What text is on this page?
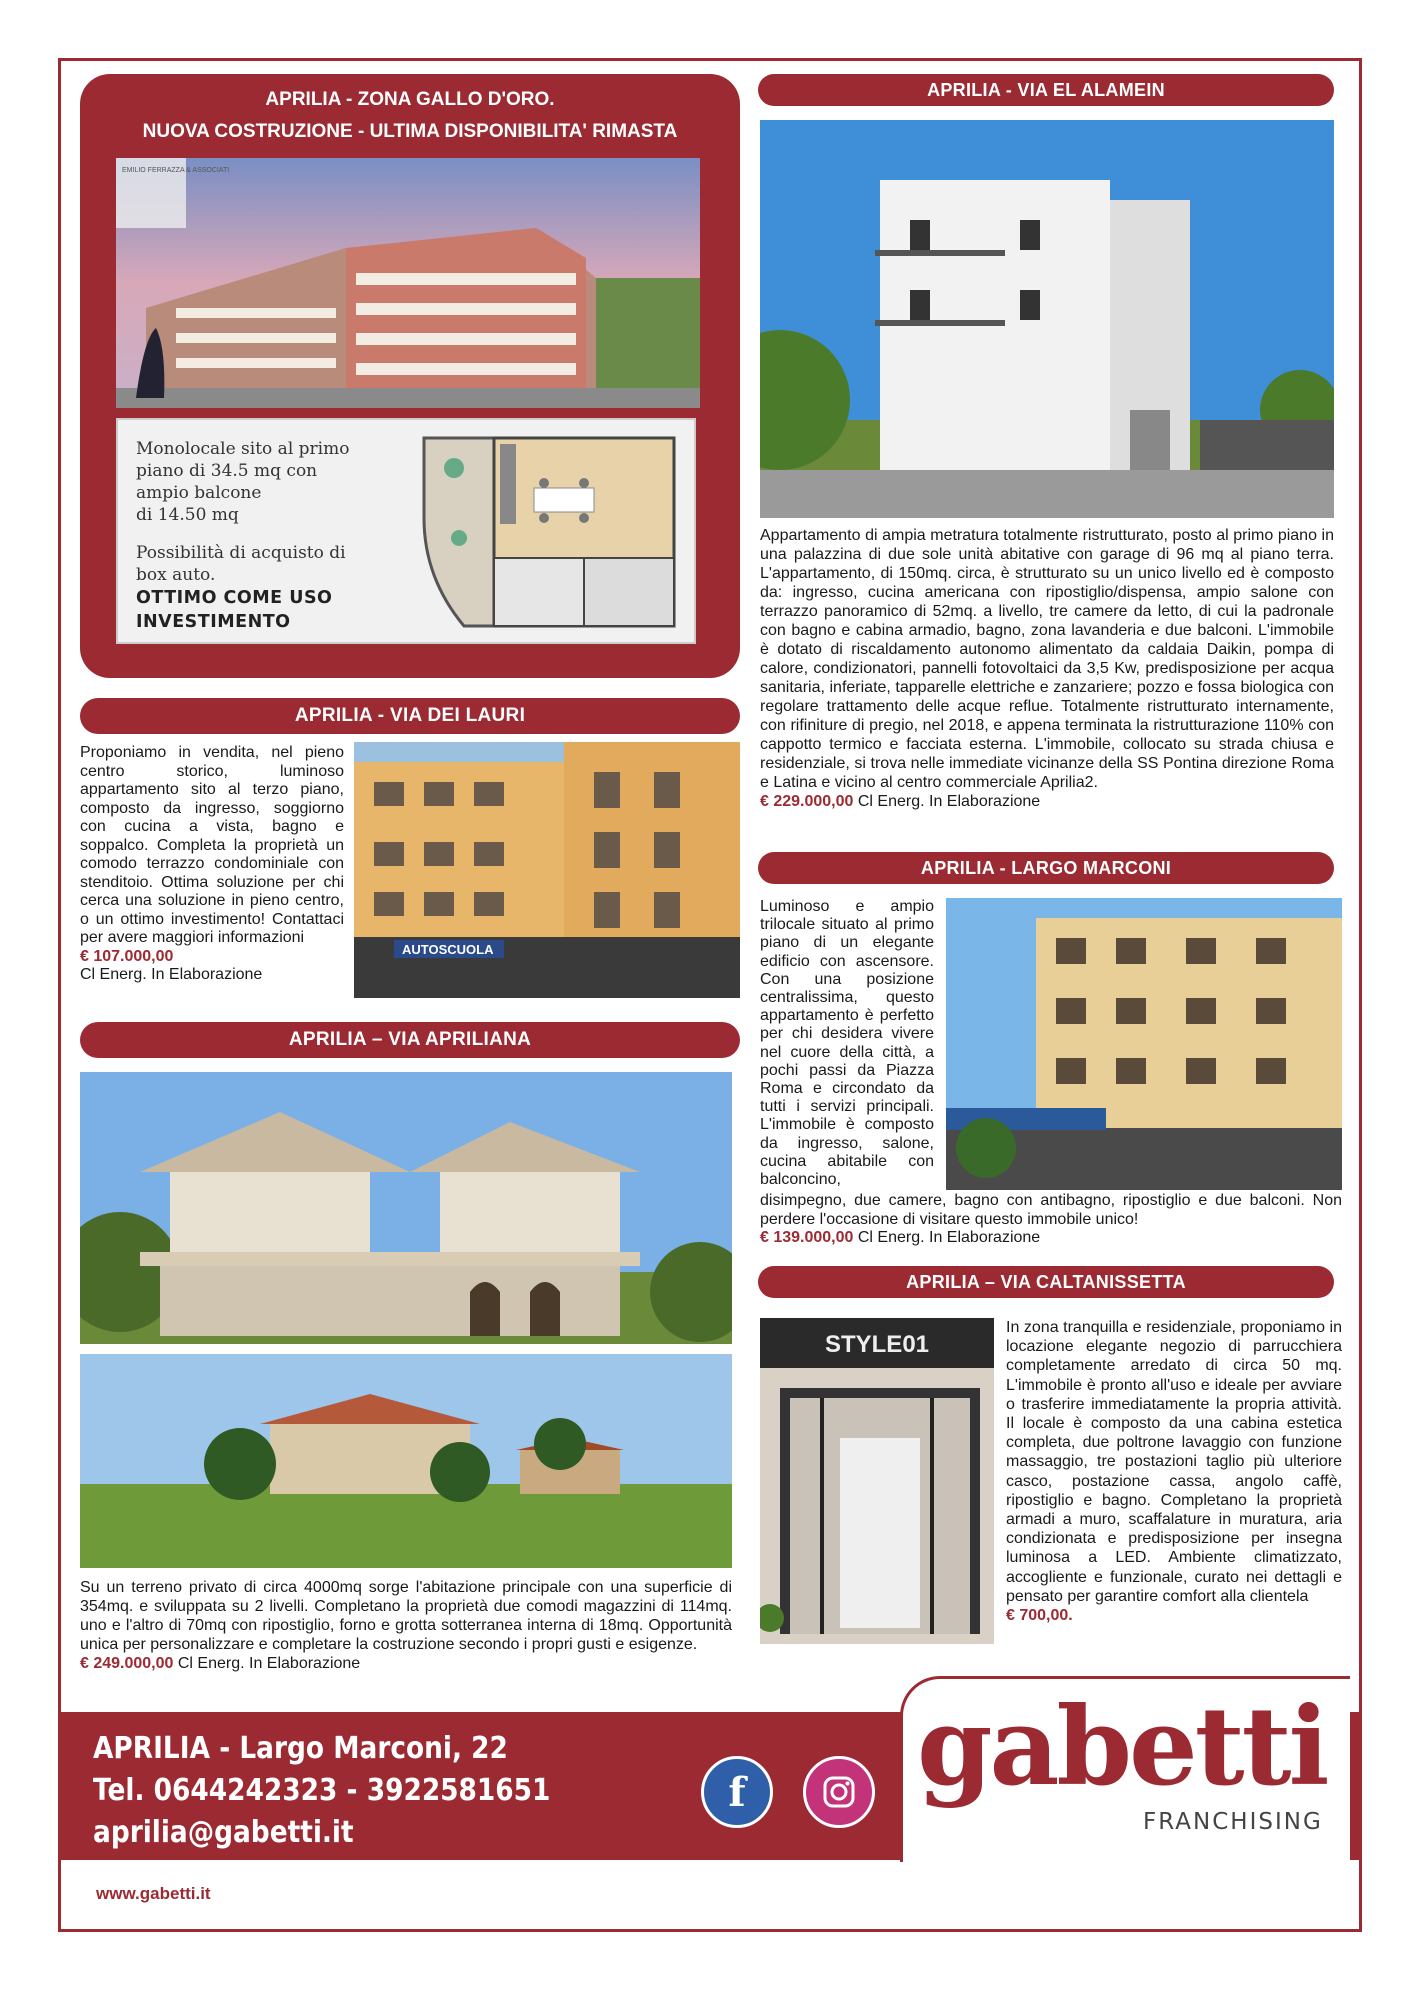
APRILIA - ZONA GALLO D'ORO.
NUOVA COSTRUZIONE - ULTIMA DISPONIBILITA' RIMASTA
EMILIO FERRAZZA & ASSOCIATI
Monolocale sito al primo
piano di 34.5 mq con
ampio balcone
di 14.50 mq
Possibilità di acquisto di
box auto.
OTTIMO COME USO
INVESTIMENTO
APRILIA - VIA DEI LAURI
Proponiamo in vendita, nel pieno centro storico, luminoso appartamento sito al terzo piano, composto da ingresso, soggiorno con cucina a vista, bagno e soppalco. Completa la proprietà un comodo terrazzo condominiale con stenditoio. Ottima soluzione per chi cerca una soluzione in pieno centro, o un ottimo investimento! Contattaci per avere maggiori informazioni
€ 107.000,00
Cl Energ. In Elaborazione
AUTOSCUOLA
APRILIA – VIA APRILIANA
Su un terreno privato di circa 4000mq sorge l'abitazione principale con una superficie di 354mq. e sviluppata su 2 livelli. Completano la proprietà due comodi magazzini di 114mq. uno e l'altro di 70mq con ripostiglio, forno e grotta sotterranea interna di 18mq. Opportunità unica per personalizzare e completare la costruzione secondo i propri gusti e esigenze.
€ 249.000,00 Cl Energ. In Elaborazione
APRILIA - VIA EL ALAMEIN
Appartamento di ampia metratura totalmente ristrutturato, posto al primo piano in una palazzina di due sole unità abitative con garage di 96 mq al piano terra. L'appartamento, di 150mq. circa, è strutturato su un unico livello ed è composto da: ingresso, cucina americana con ripostiglio/dispensa, ampio salone con terrazzo panoramico di 52mq. a livello, tre camere da letto, di cui la padronale con bagno e cabina armadio, bagno, zona lavanderia e due balconi. L'immobile è dotato di riscaldamento autonomo alimentato da caldaia Daikin, pompa di calore, condizionatori, pannelli fotovoltaici da 3,5 Kw, predisposizione per acqua sanitaria, inferiate, tapparelle elettriche e zanzariere; pozzo e fossa biologica con regolare trattamento delle acque reflue. Totalmente ristrutturato internamente, con rifiniture di pregio, nel 2018, e appena terminata la ristrutturazione 110% con cappotto termico e facciata esterna. L'immobile, collocato su strada chiusa e residenziale, si trova nelle immediate vicinanze della SS Pontina direzione Roma e Latina e vicino al centro commerciale Aprilia2.
€ 229.000,00 Cl Energ. In Elaborazione
APRILIA - LARGO MARCONI
Luminoso e ampio trilocale situato al primo piano di un elegante edificio con ascensore. Con una posizione centralissima, questo appartamento è perfetto per chi desidera vivere nel cuore della città, a pochi passi da Piazza Roma e circondato da tutti i servizi principali. L'immobile è composto da ingresso, salone, cucina abitabile con balconcino,
disimpegno, due camere, bagno con antibagno, ripostiglio e due balconi. Non perdere l'occasione di visitare questo immobile unico!
€ 139.000,00 Cl Energ. In Elaborazione
APRILIA – VIA CALTANISSETTA
STYLE01
In zona tranquilla e residenziale, proponiamo in locazione elegante negozio di parrucchiera completamente arredato di circa 50 mq. L'immobile è pronto all'uso e ideale per avviare o trasferire immediatamente la propria attività. Il locale è composto da una cabina estetica completa, due poltrone lavaggio con funzione massaggio, tre postazioni taglio più ulteriore casco, postazione cassa, angolo caffè, ripostiglio e bagno. Completano la proprietà armadi a muro, scaffalature in muratura, aria condizionata e predisposizione per insegna luminosa a LED. Ambiente climatizzato, accogliente e funzionale, curato nei dettagli e pensato per garantire comfort alla clientela
€ 700,00.
APRILIA - Largo Marconi, 22
Tel. 0644242323 - 3922581651
aprilia@gabetti.it
f gabetti
FRANCHISING
www.gabetti.it
